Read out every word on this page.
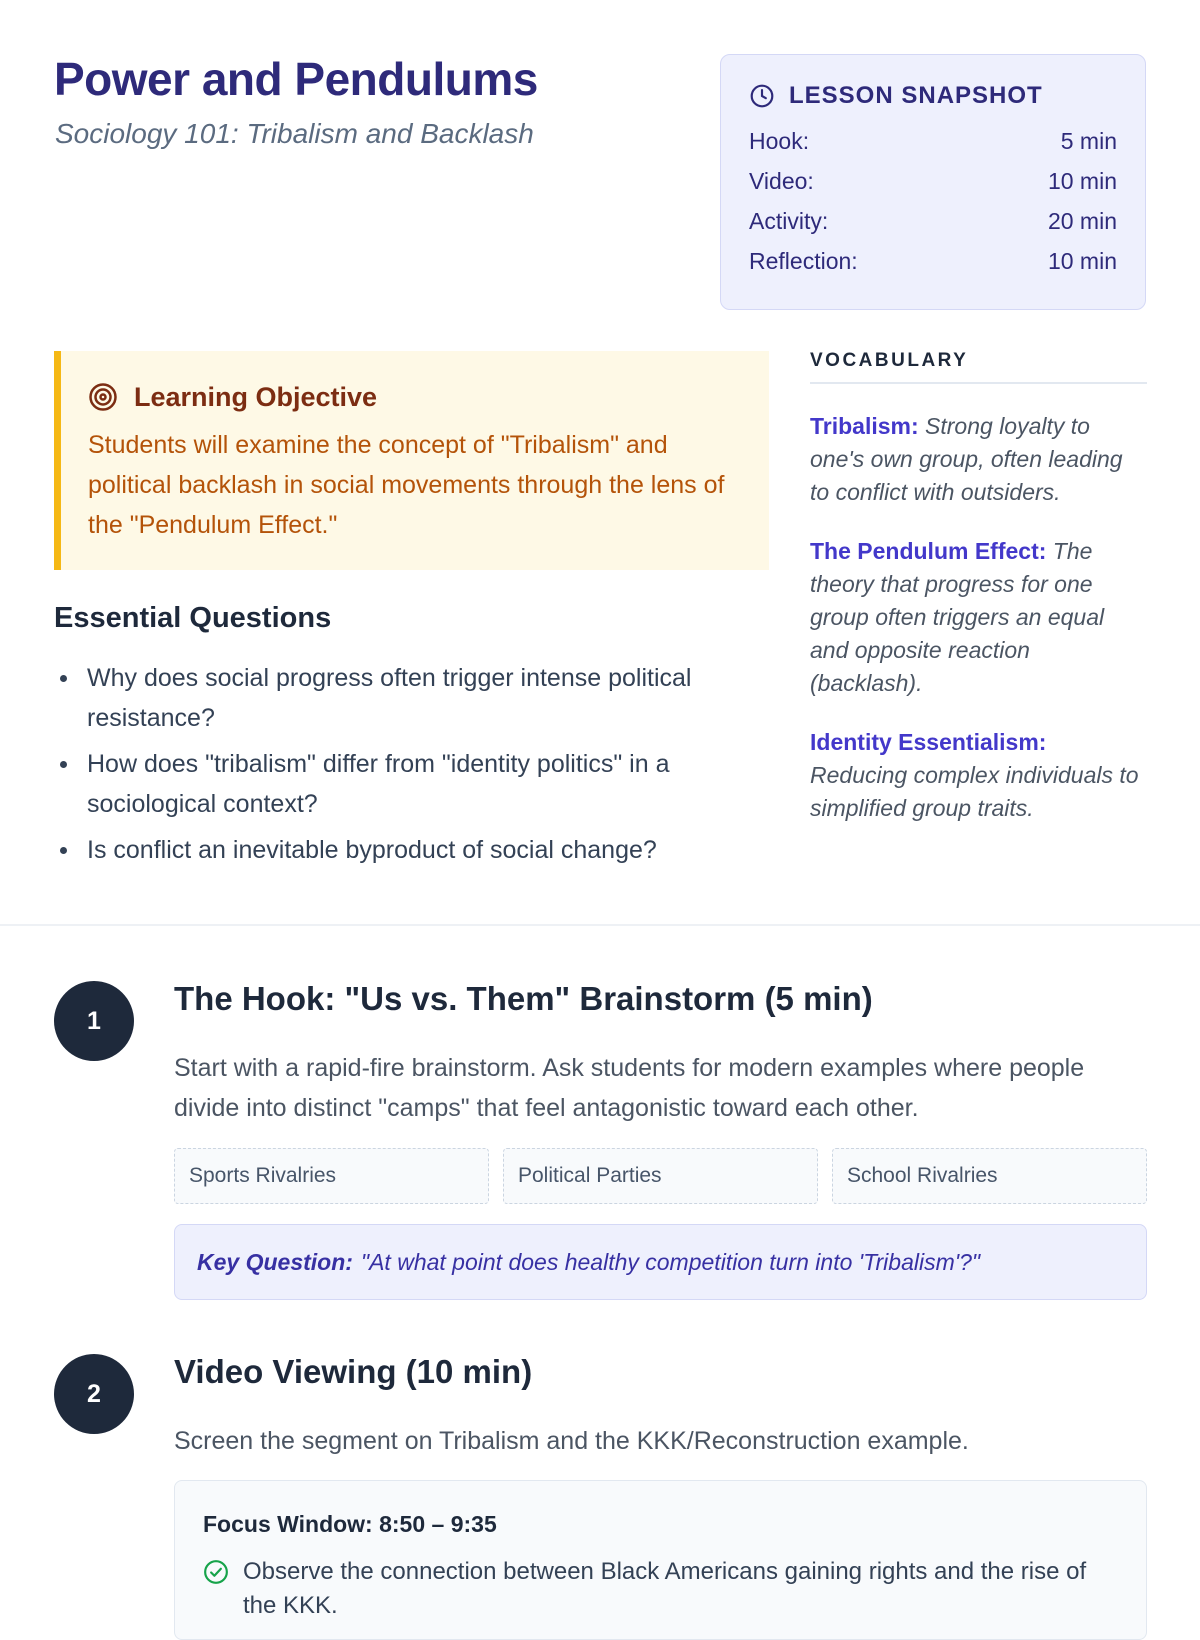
Power and Pendulums
Sociology 101: Tribalism and Backlash
LESSON SNAPSHOT
Hook:	5 min
Video:	10 min
Activity:	20 min
Reflection:	10 min
Learning Objective
Students will examine the concept of "Tribalism" and political backlash in social movements through the lens of the "Pendulum Effect."
Essential Questions
Why does social progress often trigger intense political resistance?
How does "tribalism" differ from "identity politics" in a sociological context?
Is conflict an inevitable byproduct of social change?
VOCABULARY
Tribalism: Strong loyalty to one's own group, often leading to conflict with outsiders.
The Pendulum Effect: The theory that progress for one group often triggers an equal and opposite reaction (backlash).
Identity Essentialism:
Reducing complex individuals to simplified group traits.
1
The Hook: "Us vs. Them" Brainstorm (5 min)

Start with a rapid-fire brainstorm. Ask students for modern examples where people divide into distinct "camps" that feel antagonistic toward each other.

Sports Rivalries	Political Parties	School Rivalries
Key Question: "At what point does healthy competition turn into 'Tribalism'?"
2
Video Viewing (10 min)

Screen the segment on Tribalism and the KKK/Reconstruction example.

Focus Window: 8:50 – 9:35
Observe the connection between Black Americans gaining rights and the rise of the KKK.
